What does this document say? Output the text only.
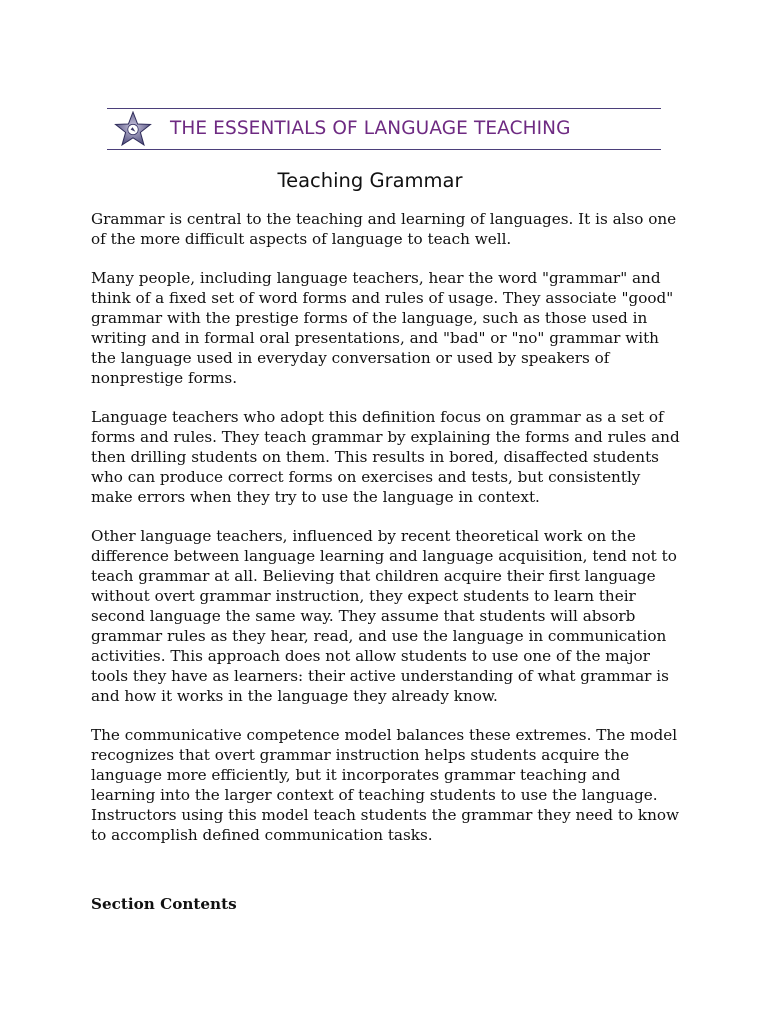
THE ESSENTIALS OF LANGUAGE TEACHING
Teaching Grammar

Grammar is central to the teaching and learning of languages. It is also one of the more difficult aspects of language to teach well.

Many people, including language teachers, hear the word "grammar" and think of a fixed set of word forms and rules of usage. They associate "good" grammar with the prestige forms of the language, such as those used in writing and in formal oral presentations, and "bad" or "no" grammar with the language used in everyday conversation or used by speakers of nonprestige forms.

Language teachers who adopt this definition focus on grammar as a set of forms and rules. They teach grammar by explaining the forms and rules and then drilling students on them. This results in bored, disaffected students who can produce correct forms on exercises and tests, but consistently make errors when they try to use the language in context.

Other language teachers, influenced by recent theoretical work on the difference between language learning and language acquisition, tend not to teach grammar at all. Believing that children acquire their first language without overt grammar instruction, they expect students to learn their second language the same way. They assume that students will absorb grammar rules as they hear, read, and use the language in communication activities. This approach does not allow students to use one of the major tools they have as learners: their active understanding of what grammar is and how it works in the language they already know.

The communicative competence model balances these extremes. The model recognizes that overt grammar instruction helps students acquire the language more efficiently, but it incorporates grammar teaching and learning into the larger context of teaching students to use the language. Instructors using this model teach students the grammar they need to know to accomplish defined communication tasks.

Section Contents
